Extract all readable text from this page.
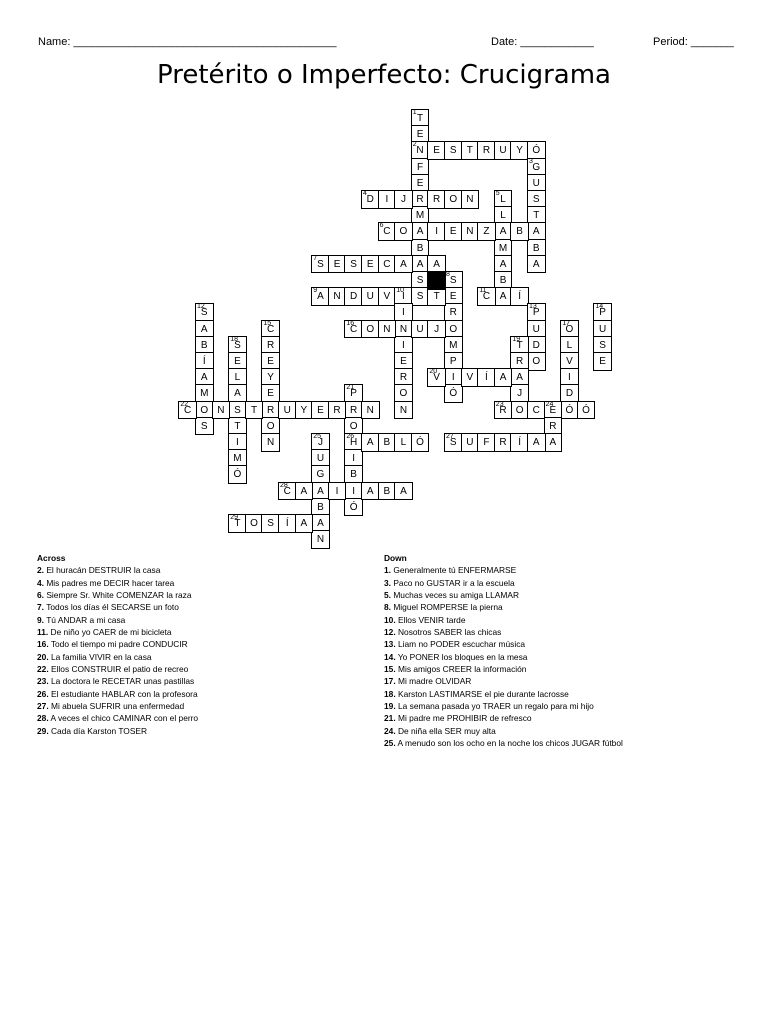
Name: ___________________________________________	Date: ____________	Period: _______
Pretérito o Imperfecto: Crucigrama
T
1
E
N
2
F
E
R
M
A
B
A
S
E S	T R U Y Ó
G
3
U
S
T
A
B
A
D
4
I	J	R O N	L
5
L
A
M
A
B
A
C
6
O	I	E N Z	B
S
7
E S E C A	A
S
8
E
R
O
M
P
I
Ó
A
9
N D U V	I
10
S	T
I
N
I
E
R
O
N
C
11
Í
S
12
A
B
Í
A
M
O
S
P
13
U
D
O
P
14
U
S
E
C
15
R
E
Y
E
R
O
N
C
16
O N	U	J	O
17
L
V
I
D
Ó
S
18
E
L
A
S
T
I
M
Ó
T
19
R
A
J
O
V
20
V	Í	A
P
21
R
O
H
26
I
B
I
Ó
C
22
N	T	U Y E R	N	R
23
C E
24
Ó
R
A
J
25
U
G
A
B
A
N
A B	L Ó	S
27
U F R	Í	A
C
28
A	I	A B A
T
29
O S	Í	A
Across
2. El huracán DESTRUIR la casa
4. Mis padres me DECIR hacer tarea
6. Siempre Sr. White COMENZAR la raza
7. Todos los días él SECARSE un foto
9. Tú ANDAR a mi casa
11. De niño yo CAER de mi bicicleta
16. Todo el tiempo mi padre CONDUCIR
20. La familia VIVIR en la casa
22. Ellos CONSTRUIR el patio de recreo
23. La doctora le RECETAR unas pastillas
26. El estudiante HABLAR con la profesora
27. Mi abuela SUFRIR una enfermedad
28. A veces el chico CAMINAR con el perro
29. Cada día Karston TOSER
Down
1. Generalmente tú ENFERMARSE
3. Paco no GUSTAR ir a la escuela
5. Muchas veces su amiga LLAMAR
8. Miguel ROMPERSE la pierna
10. Ellos VENIR tarde
12. Nosotros SABER las chicas
13. Liam no PODER escuchar música
14. Yo PONER los bloques en la mesa
15. Mis amigos CREER la información
17. Mi madre OLVIDAR
18. Karston LASTIMARSE el pie durante lacrosse
19. La semana pasada yo TRAER un regalo para mi hijo
21. Mi padre me PROHIBIR de refresco
24. De niña ella SER muy alta
25. A menudo son los ocho en la noche los chicos JUGAR fútbol
